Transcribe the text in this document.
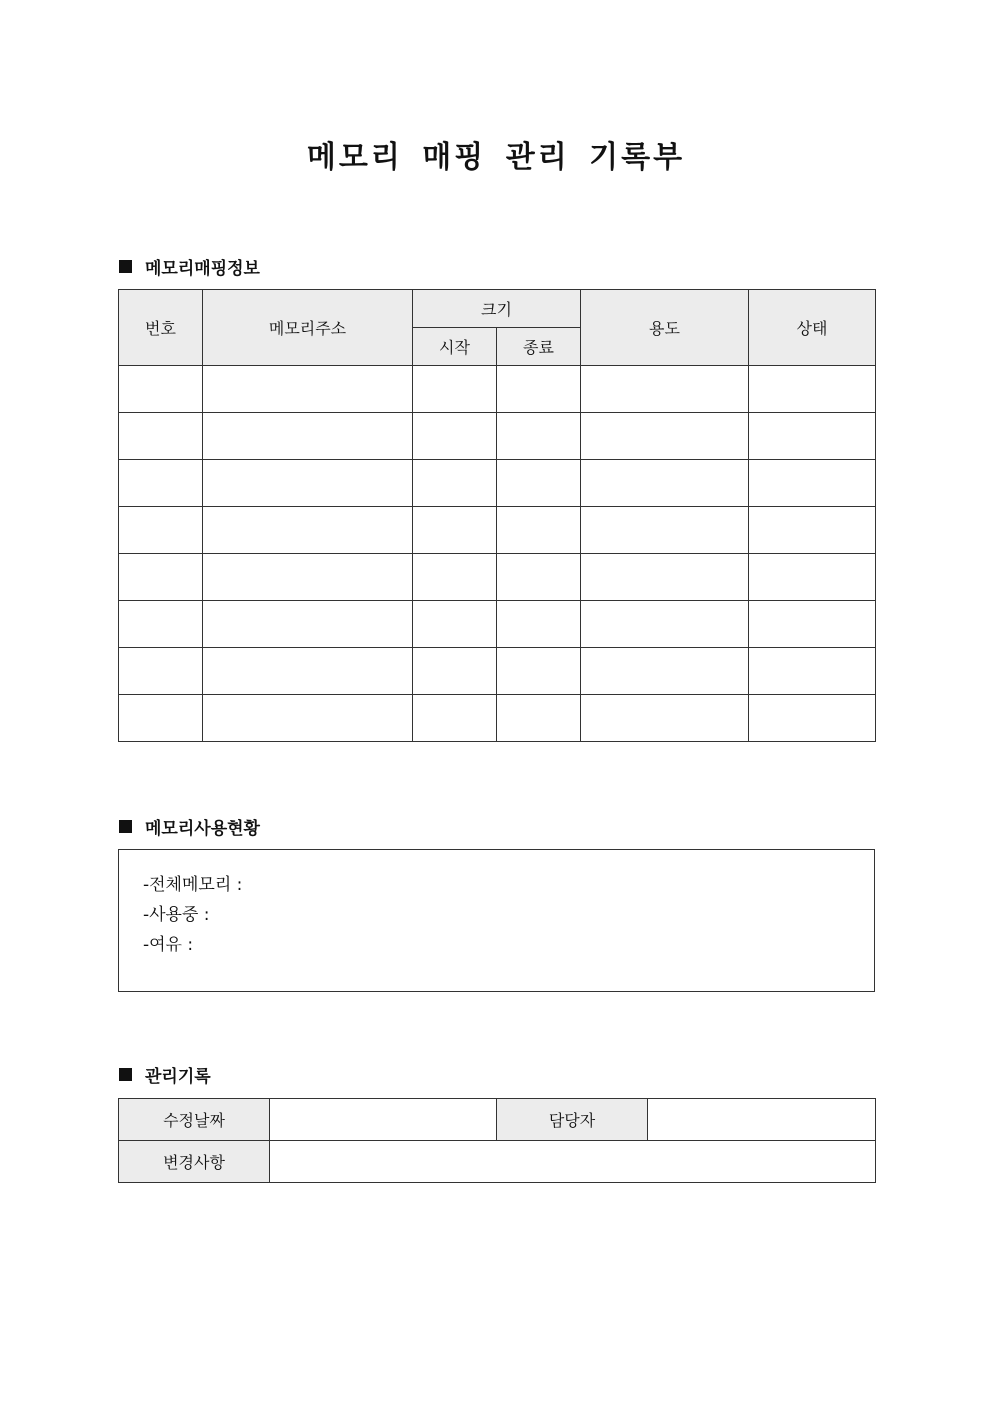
메모리 매핑 관리 기록부
메모리매핑정보
번호	메모리주소	크기		용도	상태
		시작	종료		

메모리사용현황
-전체메모리 :
-사용중 :
-여유 :
관리기록
수정날짜		담당자	
변경사항			
